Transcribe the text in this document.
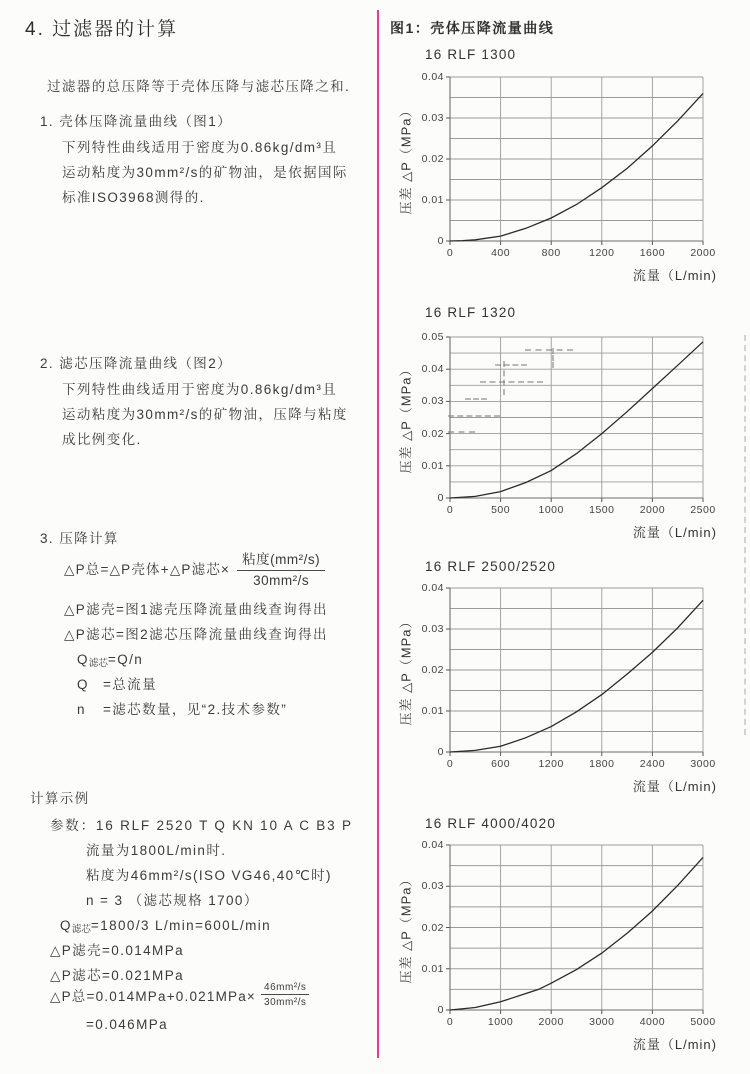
4. 过滤器的计算
过滤器的总压降等于壳体压降与滤芯压降之和.
1. 壳体压降流量曲线（图1）
下列特性曲线适用于密度为0.86kg/dm³且
运动粘度为30mm²/s的矿物油，是依据国际
标准ISO3968测得的.
2. 滤芯压降流量曲线（图2）
下列特性曲线适用于密度为0.86kg/dm³且
运动粘度为30mm²/s的矿物油，压降与粘度
成比例变化.
3. 压降计算
△P总=△P壳体+△P滤芯× $\frac{\text{粘度(mm²/s)}}{\text{30mm²/s}}$
△P滤壳=图1滤壳压降流量曲线查询得出
△P滤芯=图2滤芯压降流量曲线查询得出
$Q_{滤芯}=Q/n$
Q =总流量
n =滤芯数量，见“2.技术参数”
计算示例
参数：16 RLF 2520 T Q KN 10 A C B3 P
流量为1800L/min时.
粘度为46mm²/s(ISO VG46,40℃时)
n = 3 （滤芯规格 1700）
$Q_{滤芯}=1800/3$ L/min=600L/min
△P滤壳=0.014MPa
△P滤芯=0.021MPa
△P总$=0.014MPa+0.021MPa\times \frac{\text{46mm²/s}}{\text{30mm²/s}}$
=0.046MPa
图1：壳体压降流量曲线
16 RLF 1300
压差 △P（MPa）
流量（L/min)
0	400	800	1200 1600 2000
0
0.01
0.02
0.03
0.04
16 RLF 1320
压差 △P（MPa）
流量（L/min)
0	500	1000 1500 2000 2500
0
0.01
0.02
0.03
0.04
0.05
16 RLF 2500/2520
压差 △P（MPa）
流量（L/min)
0	600	1200 1800 2400 3000
0
0.01
0.02
0.03
0.04
16 RLF 4000/4020
压差 △P（MPa）
流量（L/min)
0	1000 2000 3000 4000 5000
0
0.01
0.02
0.03
0.04
